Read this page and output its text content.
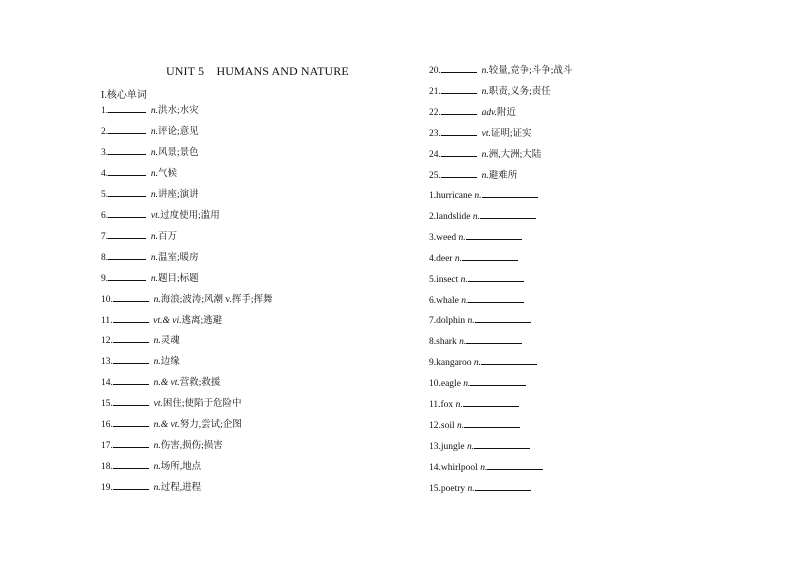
UNIT 5    HUMANS AND NATURE
I.核心单词
1.	n.洪水;水灾
2.	n.评论;意见
3.	n.风景;景色
4.	n.气候
5.	n.讲座;演讲
6.	vt.过度使用;滥用
7.	n.百万
8.	n.温室;暖房
9.	n.题目;标题
10.	n.海浪;波涛;风潮 v.挥手;挥舞
11.	vt.& vi.逃离;逃避
12.	n.灵魂
13.	n.边缘
14.	n.& vt.营救;救援
15.	vt.困住;使陷于危险中
16.	n.& vt.努力,尝试;企图
17.	n.伤害,损伤;损害
18.	n.场所,地点
19.	n.过程,进程
20.	n.较量,竞争;斗争;战斗
21.	n.职责,义务;责任
22.	adv.附近
23.	vt.证明;证实
24.	n.洲,大洲;大陆
25.	n.避难所
1.hurricane n.
2.landslide n.
3.weed n.
4.deer n.
5.insect n.
6.whale n.
7.dolphin n.
8.shark n.
9.kangaroo n.
10.eagle n.
11.fox n.
12.soil n.
13.jungle n.
14.whirlpool n.
15.poetry n.
